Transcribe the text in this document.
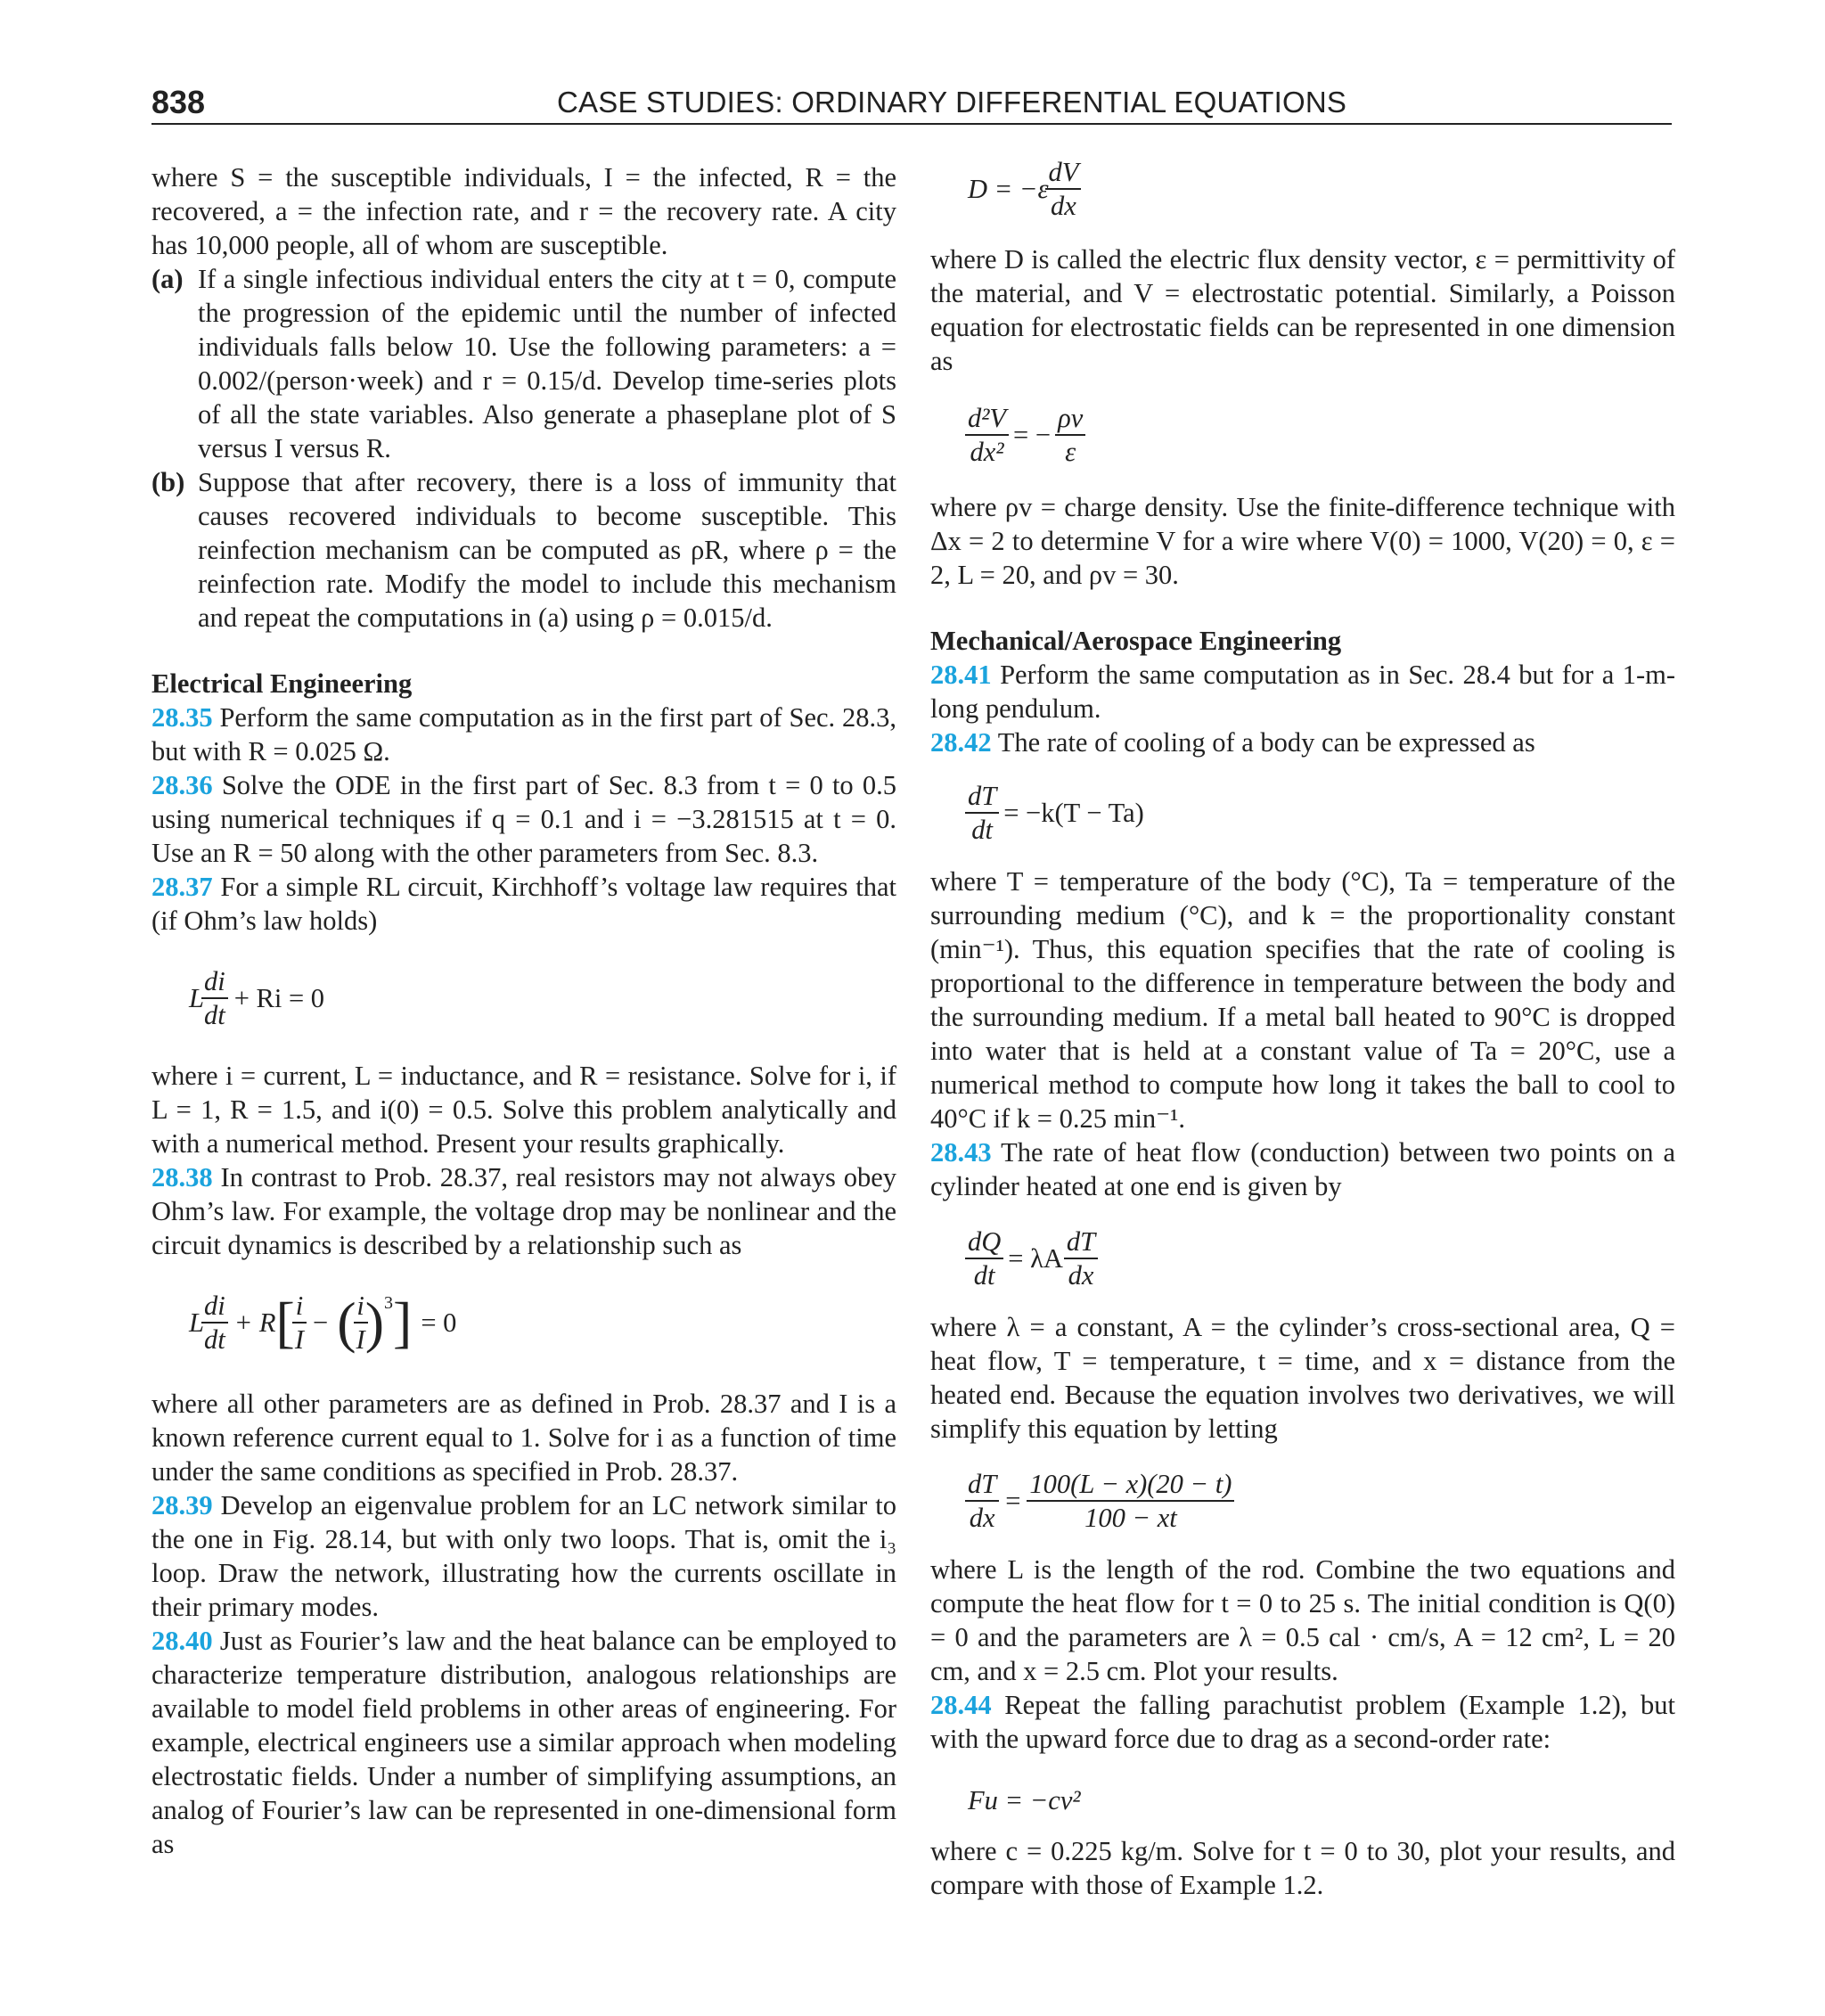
838	CASE STUDIES: ORDINARY DIFFERENTIAL EQUATIONS

where S = the susceptible individuals, I = the infected, R = the recovered, a = the infection rate, and r = the recovery rate. A city has 10,000 people, all of whom are susceptible.

(a) If a single infectious individual enters the city at t = 0, compute the progression of the epidemic until the number of infected individuals falls below 10. Use the following parameters: a = 0.002/(person·week) and r = 0.15/d. Develop time-series plots of all the state variables. Also generate a phaseplane plot of S versus I versus R.
(b) Suppose that after recovery, there is a loss of immunity that causes recovered individuals to become susceptible. This reinfection mechanism can be computed as ρR, where ρ = the reinfection rate. Modify the model to include this mechanism and repeat the computations in (a) using ρ = 0.015/d.

Electrical Engineering

28.35 Perform the same computation as in the first part of Sec. 28.3, but with R = 0.025 Ω.

28.36 Solve the ODE in the first part of Sec. 8.3 from t = 0 to 0.5 using numerical techniques if q = 0.1 and i = −3.281515 at t = 0. Use an R = 50 along with the other parameters from Sec. 8.3.

28.37 For a simple RL circuit, Kirchhoff’s voltage law requires that (if Ohm’s law holds)

L $\frac{di}{dt} + Ri = 0$

where i = current, L = inductance, and R = resistance. Solve for i, if L = 1, R = 1.5, and i(0) = 0.5. Solve this problem analytically and with a numerical method. Present your results graphically.

28.38 In contrast to Prob. 28.37, real resistors may not always obey Ohm’s law. For example, the voltage drop may be nonlinear and the circuit dynamics is described by a relationship such as

L $\frac{di}{dt} + R$ [ $\frac{i}{I}$ − ( $\frac{i}{I} )^3$ ] = 0

where all other parameters are as defined in Prob. 28.37 and I is a known reference current equal to 1. Solve for i as a function of time under the same conditions as specified in Prob. 28.37.

28.39 Develop an eigenvalue problem for an LC network similar to the one in Fig. 28.14, but with only two loops. That is, omit the i₃ loop. Draw the network, illustrating how the currents oscillate in their primary modes.

28.40 Just as Fourier’s law and the heat balance can be employed to characterize temperature distribution, analogous relationships are available to model field problems in other areas of engineering. For example, electrical engineers use a similar approach when modeling electrostatic fields. Under a number of simplifying assumptions, an analog of Fourier’s law can be represented in one-dimensional form as

$D = -\varepsilon \frac{dV}{dx}$

where D is called the electric flux density vector, ε = permittivity of the material, and V = electrostatic potential. Similarly, a Poisson equation for electrostatic fields can be represented in one dimension as

$\frac{\text{d²V}}{\text{dx²}}$ = − $\frac{\rho v}{\varepsilon}$

where ρv = charge density. Use the finite-difference technique with Δx = 2 to determine V for a wire where V(0) = 1000, V(20) = 0, ε = 2, L = 20, and ρv = 30.

Mechanical/Aerospace Engineering

28.41 Perform the same computation as in Sec. 28.4 but for a 1-m-long pendulum.

28.42 The rate of cooling of a body can be expressed as

$\frac{dT}{dt} = -k(T - Ta)$

where T = temperature of the body (°C), Ta = temperature of the surrounding medium (°C), and k = the proportionality constant (min⁻¹). Thus, this equation specifies that the rate of cooling is proportional to the difference in temperature between the body and the surrounding medium. If a metal ball heated to 90°C is dropped into water that is held at a constant value of Ta = 20°C, use a numerical method to compute how long it takes the ball to cool to 40°C if k = 0.25 min⁻¹.

28.43 The rate of heat flow (conduction) between two points on a cylinder heated at one end is given by

$\frac{dQ}{dt} = \lambda A \frac{dT}{dx}$

where λ = a constant, A = the cylinder’s cross-sectional area, Q = heat flow, T = temperature, t = time, and x = distance from the heated end. Because the equation involves two derivatives, we will simplify this equation by letting

$\frac{dT}{dx} = \frac{100(L - x)(20 - t)}{100 - xt}$

where L is the length of the rod. Combine the two equations and compute the heat flow for t = 0 to 25 s. The initial condition is Q(0) = 0 and the parameters are λ = 0.5 cal · cm/s, A = 12 cm², L = 20 cm, and x = 2.5 cm. Plot your results.

28.44 Repeat the falling parachutist problem (Example 1.2), but with the upward force due to drag as a second-order rate:

Fu = −cv²

where c = 0.225 kg/m. Solve for t = 0 to 30, plot your results, and compare with those of Example 1.2.
